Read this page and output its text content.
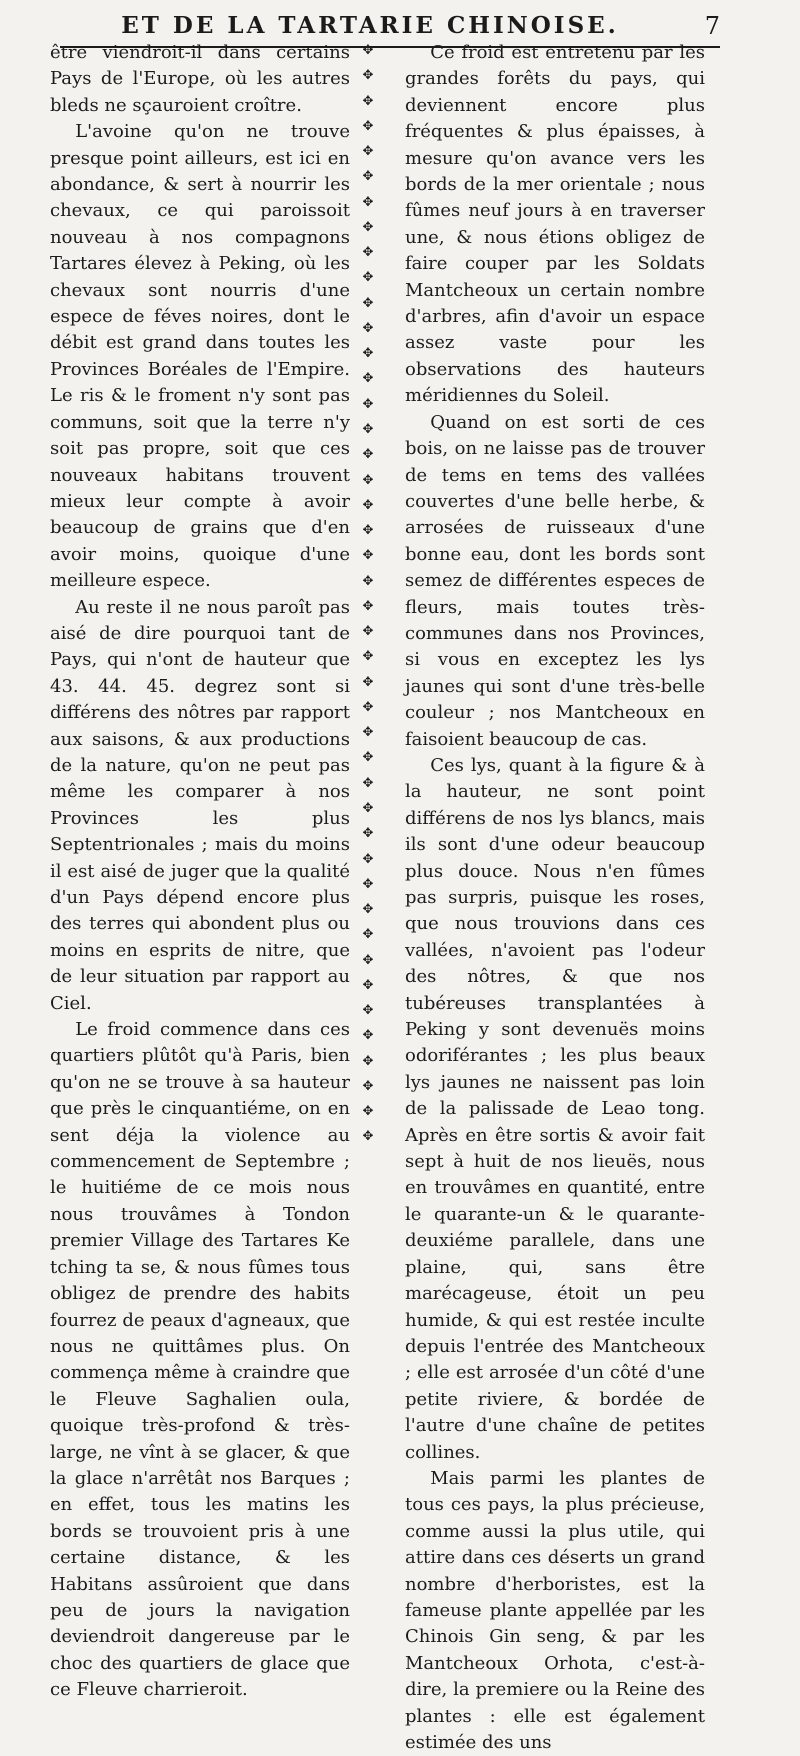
ET DE LA TARTARIE CHINOISE.	7

être viendroit-il dans certains Pays de l'Europe, où les autres bleds ne sçauroient croître.

L'avoine qu'on ne trouve presque point ailleurs, est ici en abondance, & sert à nourrir les chevaux, ce qui paroissoit nouveau à nos compagnons Tartares élevez à Peking, où les chevaux sont nourris d'une espece de féves noires, dont le débit est grand dans toutes les Provinces Boréales de l'Empire. Le ris & le froment n'y sont pas communs, soit que la terre n'y soit pas propre, soit que ces nouveaux habitans trouvent mieux leur compte à avoir beaucoup de grains que d'en avoir moins, quoique d'une meilleure espece.

Au reste il ne nous paroît pas aisé de dire pourquoi tant de Pays, qui n'ont de hauteur que 43. 44. 45. degrez sont si différens des nôtres par rapport aux saisons, & aux productions de la nature, qu'on ne peut pas même les comparer à nos Provinces les plus Septentrionales ; mais du moins il est aisé de juger que la qualité d'un Pays dépend encore plus des terres qui abondent plus ou moins en esprits de nitre, que de leur situation par rapport au Ciel.

Le froid commence dans ces quartiers plûtôt qu'à Paris, bien qu'on ne se trouve à sa hauteur que près le cinquantiéme, on en sent déja la violence au commencement de Septembre ; le huitiéme de ce mois nous nous trouvâmes à Tondon premier Village des Tartares Ke tching ta se, & nous fûmes tous obligez de prendre des habits fourrez de peaux d'agneaux, que nous ne quittâmes plus. On commença même à craindre que le Fleuve Saghalien oula, quoique très-profond & très-large, ne vînt à se glacer, & que la glace n'arrêtât nos Barques ; en effet, tous les matins les bords se trouvoient pris à une certaine distance, & les Habitans assûroient que dans peu de jours la navigation deviendroit dangereuse par le choc des quartiers de glace que ce Fleuve charrieroit.

✥
✥
✥
✥
✥
✥
✥
✥
✥
✥
✥
✥
✥
✥
✥
✥
✥
✥
✥
✥
✥
✥
✥
✥
✥
✥
✥
✥
✥
✥
✥
✥
✥
✥
✥
✥
✥
✥
✥
✥
✥
✥
✥
✥

Ce froid est entretenu par les grandes forêts du pays, qui deviennent encore plus fréquentes & plus épaisses, à mesure qu'on avance vers les bords de la mer orientale ; nous fûmes neuf jours à en traverser une, & nous étions obligez de faire couper par les Soldats Mantcheoux un certain nombre d'arbres, afin d'avoir un espace assez vaste pour les observations des hauteurs méridiennes du Soleil.

Quand on est sorti de ces bois, on ne laisse pas de trouver de tems en tems des vallées couvertes d'une belle herbe, & arrosées de ruisseaux d'une bonne eau, dont les bords sont semez de différentes especes de fleurs, mais toutes très-communes dans nos Provinces, si vous en exceptez les lys jaunes qui sont d'une très-belle couleur ; nos Mantcheoux en faisoient beaucoup de cas.

Ces lys, quant à la figure & à la hauteur, ne sont point différens de nos lys blancs, mais ils sont d'une odeur beaucoup plus douce. Nous n'en fûmes pas surpris, puisque les roses, que nous trouvions dans ces vallées, n'avoient pas l'odeur des nôtres, & que nos tubéreuses transplantées à Peking y sont devenuës moins odoriférantes ; les plus beaux lys jaunes ne naissent pas loin de la palissade de Leao tong. Après en être sortis & avoir fait sept à huit de nos lieuës, nous en trouvâmes en quantité, entre le quarante-un & le quarante-deuxiéme parallele, dans une plaine, qui, sans être marécageuse, étoit un peu humide, & qui est restée inculte depuis l'entrée des Mantcheoux ; elle est arrosée d'un côté d'une petite riviere, & bordée de l'autre d'une chaîne de petites collines.

Mais parmi les plantes de tous ces pays, la plus précieuse, comme aussi la plus utile, qui attire dans ces déserts un grand nombre d'herboristes, est la fameuse plante appellée par les Chinois Gin seng, & par les Mantcheoux Orhota, c'est-à-dire, la premiere ou la Reine des plantes : elle est également estimée des uns
